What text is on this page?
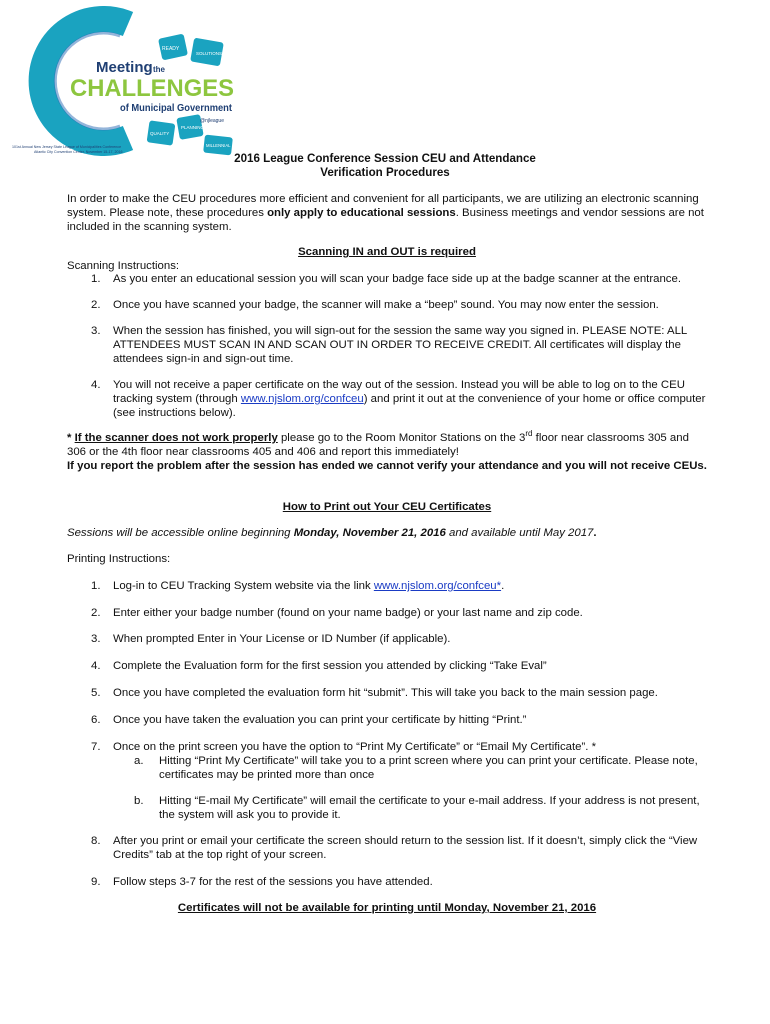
READY
SOLUTIONS
QUALITY
PLANNING
MILLENNIAL
Meeting the
CHALLENGES
of Municipal Government
@njleague
101st Annual New Jersey State League of Municipalities Conference
Atlantic City Convention Center, November 15-17, 2016	2016 League Conference Session CEU and Attendance
Verification Procedures
In order to make the CEU procedures more efficient and convenient for all participants, we are utilizing an electronic scanning system. Please note, these procedures only apply to educational sessions. Business meetings and vendor sessions are not included in the scanning system.
Scanning IN and OUT is required
Scanning Instructions:
1.	As you enter an educational session you will scan your badge face side up at the badge scanner at the entrance.
2.	Once you have scanned your badge, the scanner will make a “beep” sound. You may now enter the session.
3.	When the session has finished, you will sign-out for the session the same way you signed in. PLEASE NOTE: ALL ATTENDEES MUST SCAN IN AND SCAN OUT IN ORDER TO RECEIVE CREDIT. All certificates will display the attendees sign-in and sign-out time.
4.	You will not receive a paper certificate on the way out of the session. Instead you will be able to log on to the CEU tracking system (through www.njslom.org/confceu) and print it out at the convenience of your home or office computer (see instructions below).
* If the scanner does not work properly please go to the Room Monitor Stations on the 3rd floor near classrooms 305 and 306 or the 4th floor near classrooms 405 and 406 and report this immediately!
If you report the problem after the session has ended we cannot verify your attendance and you will not receive CEUs.
How to Print out Your CEU Certificates
Sessions will be accessible online beginning Monday, November 21, 2016 and available until May 2017.
Printing Instructions:
1.	Log-in to CEU Tracking System website via the link www.njslom.org/confceu*.
2.	Enter either your badge number (found on your name badge) or your last name and zip code.
3.	When prompted Enter in Your License or ID Number (if applicable).
4.	Complete the Evaluation form for the first session you attended by clicking “Take Eval”
5.	Once you have completed the evaluation form hit “submit”. This will take you back to the main session page.
6.	Once you have taken the evaluation you can print your certificate by hitting “Print.”
7.	Once on the print screen you have the option to “Print My Certificate” or “Email My Certificate”. *
a.	Hitting “Print My Certificate” will take you to a print screen where you can print your certificate. Please note, certificates may be printed more than once
b.	Hitting “E-mail My Certificate” will email the certificate to your e-mail address. If your address is not present, the system will ask you to provide it.
8.	After you print or email your certificate the screen should return to the session list. If it doesn’t, simply click the “View Credits” tab at the top right of your screen.
9.	Follow steps 3-7 for the rest of the sessions you have attended.
Certificates will not be available for printing until Monday, November 21, 2016
